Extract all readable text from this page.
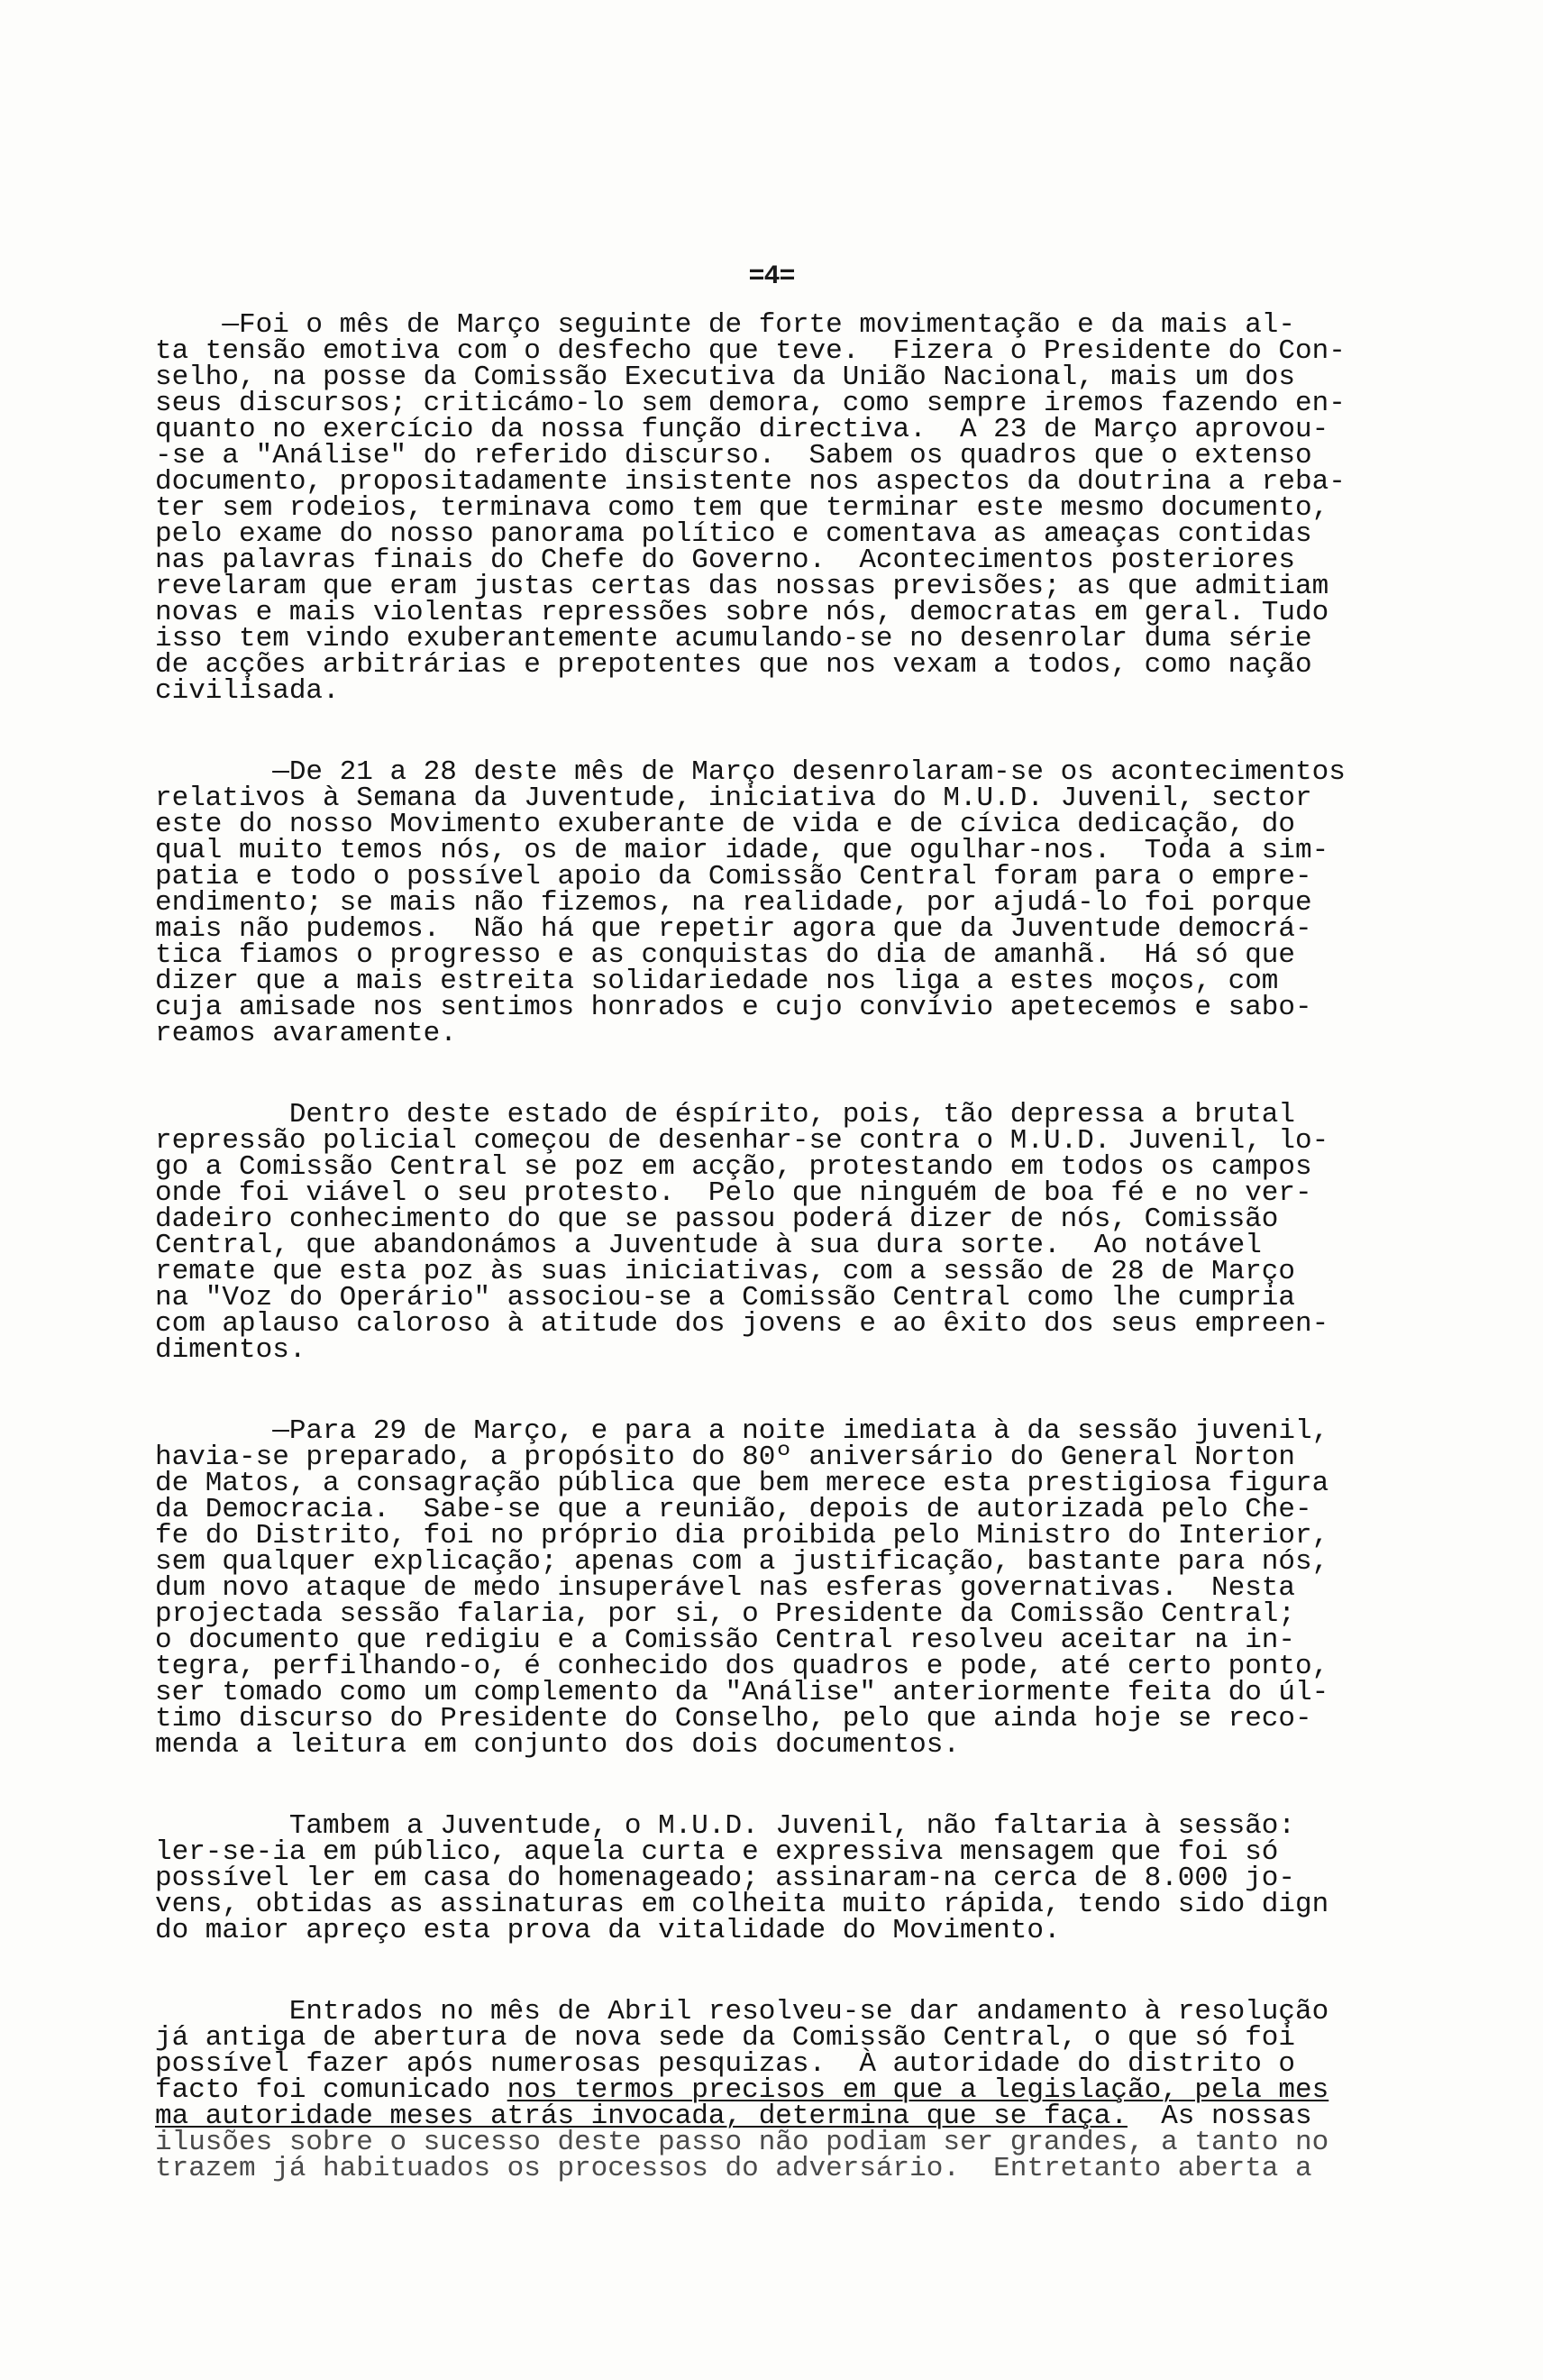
=4=
—Foi o mês de Março seguinte de forte movimentação e da mais al-
ta tensão emotiva com o desfecho que teve.  Fizera o Presidente do Con-
selho, na posse da Comissão Executiva da União Nacional, mais um dos
seus discursos; criticámo-lo sem demora, como sempre iremos fazendo en-
quanto no exercício da nossa função directiva.  A 23 de Março aprovou-
-se a "Análise" do referido discurso.  Sabem os quadros que o extenso
documento, propositadamente insistente nos aspectos da doutrina a reba-
ter sem rodeios, terminava como tem que terminar este mesmo documento,
pelo exame do nosso panorama político e comentava as ameaças contidas
nas palavras finais do Chefe do Governo.  Acontecimentos posteriores
revelaram que eram justas certas das nossas previsões; as que admitiam
novas e mais violentas repressões sobre nós, democratas em geral. Tudo
isso tem vindo exuberantemente acumulando-se no desenrolar duma série
de acções arbitrárias e prepotentes que nos vexam a todos, como nação
civilisada.
—De 21 a 28 deste mês de Março desenrolaram-se os acontecimentos
relativos à Semana da Juventude, iniciativa do M.U.D. Juvenil, sector
este do nosso Movimento exuberante de vida e de cívica dedicação, do
qual muito temos nós, os de maior idade, que ogulhar-nos.  Toda a sim-
patia e todo o possível apoio da Comissão Central foram para o empre-
endimento; se mais não fizemos, na realidade, por ajudá-lo foi porque
mais não pudemos.  Não há que repetir agora que da Juventude democrá-
tica fiamos o progresso e as conquistas do dia de amanhã.  Há só que
dizer que a mais estreita solidariedade nos liga a estes moços, com
cuja amisade nos sentimos honrados e cujo convívio apetecemos e sabo-
reamos avaramente.
Dentro deste estado de éspírito, pois, tão depressa a brutal
repressão policial começou de desenhar-se contra o M.U.D. Juvenil, lo-
go a Comissão Central se poz em acção, protestando em todos os campos
onde foi viável o seu protesto.  Pelo que ninguém de boa fé e no ver-
dadeiro conhecimento do que se passou poderá dizer de nós, Comissão
Central, que abandonámos a Juventude à sua dura sorte.  Ao notável
remate que esta poz às suas iniciativas, com a sessão de 28 de Março
na "Voz do Operário" associou-se a Comissão Central como lhe cumpria
com aplauso caloroso à atitude dos jovens e ao êxito dos seus empreen-
dimentos.
—Para 29 de Março, e para a noite imediata à da sessão juvenil,
havia-se preparado, a propósito do 80º aniversário do General Norton
de Matos, a consagração pública que bem merece esta prestigiosa figura
da Democracia.  Sabe-se que a reunião, depois de autorizada pelo Che-
fe do Distrito, foi no próprio dia proibida pelo Ministro do Interior,
sem qualquer explicação; apenas com a justificação, bastante para nós,
dum novo ataque de medo insuperável nas esferas governativas.  Nesta
projectada sessão falaria, por si, o Presidente da Comissão Central;
o documento que redigiu e a Comissão Central resolveu aceitar na in-
tegra, perfilhando-o, é conhecido dos quadros e pode, até certo ponto,
ser tomado como um complemento da "Análise" anteriormente feita do úl-
timo discurso do Presidente do Conselho, pelo que ainda hoje se reco-
menda a leitura em conjunto dos dois documentos.
Tambem a Juventude, o M.U.D. Juvenil, não faltaria à sessão:
ler-se-ia em público, aquela curta e expressiva mensagem que foi só
possível ler em casa do homenageado; assinaram-na cerca de 8.000 jo-
vens, obtidas as assinaturas em colheita muito rápida, tendo sido dign
do maior apreço esta prova da vitalidade do Movimento.
Entrados no mês de Abril resolveu-se dar andamento à resolução
já antiga de abertura de nova sede da Comissão Central, o que só foi
possível fazer após numerosas pesquizas.  À autoridade do distrito o
facto foi comunicado nos termos precisos em que a legislação, pela mes
ma autoridade meses atrás invocada, determina que se faça.  As nossas
ilusões sobre o sucesso deste passo não podiam ser grandes, a tanto no
trazem já habituados os processos do adversário.  Entretanto aberta a
